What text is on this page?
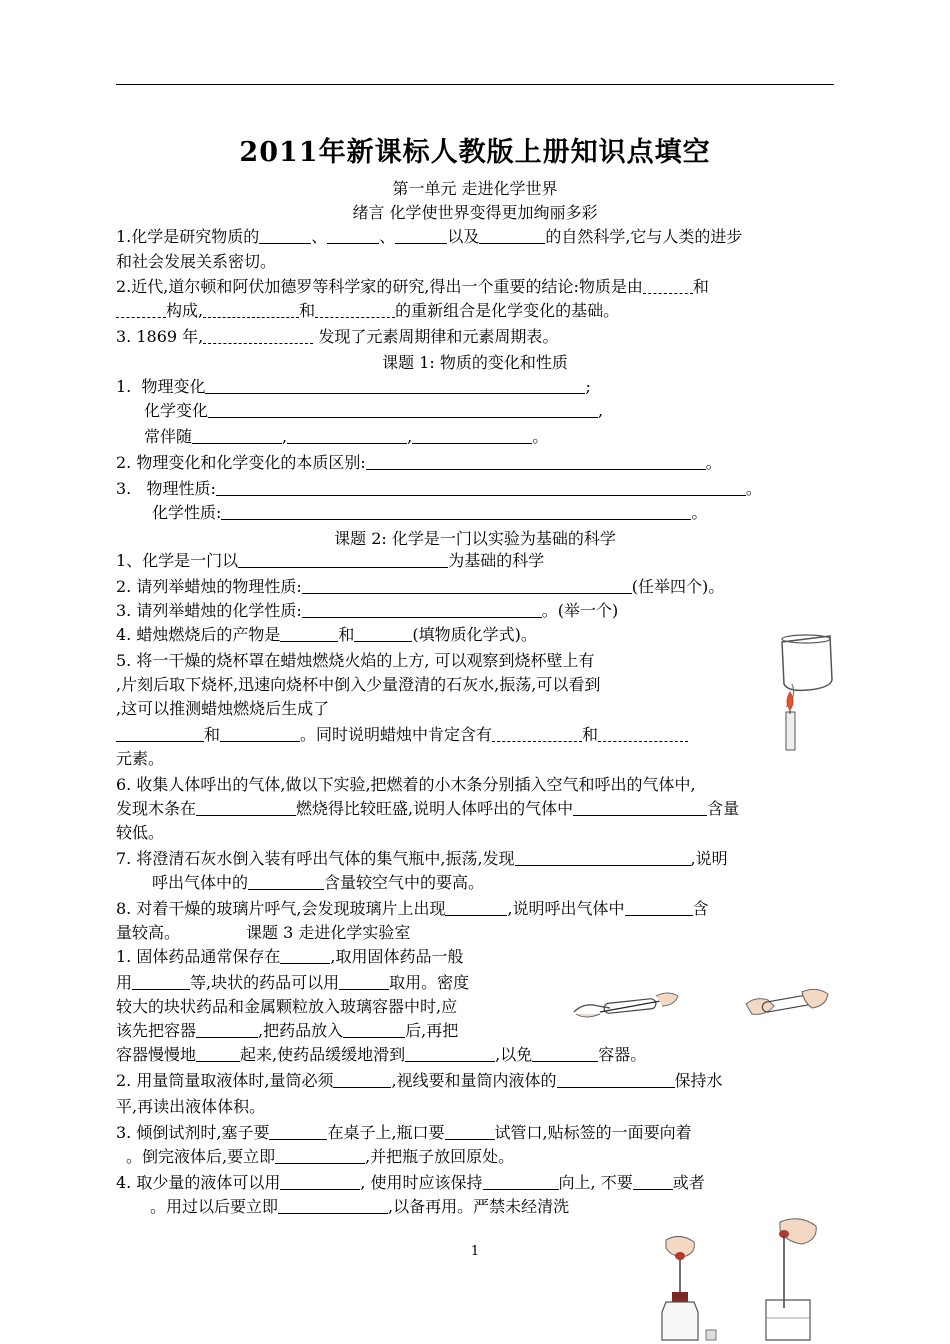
2011年新课标人教版上册知识点填空
第一单元 走进化学世界
绪言 化学使世界变得更加绚丽多彩
1.化学是研究物质的	、	、	以及	的自然科学,它与人类的进步
和社会发展关系密切。
2.近代,道尔顿和阿伏加德罗等科学家的研究,得出一个重要的结论:物质是由	和
构成,	和	的重新组合是化学变化的基础。
3. 1869 年,	发现了元素周期律和元素周期表。
课题 1: 物质的变化和性质
1.  物理变化	;
化学变化	,
常伴随	,	,	。
2. 物理变化和化学变化的本质区别:	。
3.   物理性质:	。
化学性质:	。
课题 2: 化学是一门以实验为基础的科学
1、化学是一门以	为基础的科学
2. 请列举蜡烛的物理性质:	(任举四个)。
3. 请列举蜡烛的化学性质:	。(举一个)
4. 蜡烛燃烧后的产物是	和	(填物质化学式)。
5. 将一干燥的烧杯罩在蜡烛燃烧火焰的上方, 可以观察到烧杯壁上有
,片刻后取下烧杯,迅速向烧杯中倒入少量澄清的石灰水,振荡,可以看到
,这可以推测蜡烛燃烧后生成了
和	。同时说明蜡烛中肯定含有	和
元素。
6. 收集人体呼出的气体,做以下实验,把燃着的小木条分别插入空气和呼出的气体中,
发现木条在	燃烧得比较旺盛,说明人体呼出的气体中	含量
较低。
7. 将澄清石灰水倒入装有呼出气体的集气瓶中,振荡,发现	,说明
呼出气体中的	含量较空气中的要高。
8. 对着干燥的玻璃片呼气,会发现玻璃片上出现	,说明呼出气体中	含
量较高。	课题 3 走进化学实验室
1. 固体药品通常保存在	,取用固体药品一般
用	等,块状的药品可以用	取用。密度
较大的块状药品和金属颗粒放入玻璃容器中时,应
该先把容器	,把药品放入	后,再把
容器慢慢地	起来,使药品缓缓地滑到	,以免	容器。
2. 用量筒量取液体时,量筒必须	,视线要和量筒内液体的	保持水
平,再读出液体体积。
3. 倾倒试剂时,塞子要	在桌子上,瓶口要	试管口,贴标签的一面要向着
。倒完液体后,要立即	,并把瓶子放回原处。
4. 取少量的液体可以用	, 使用时应该保持	向上, 不要	或者
。用过以后要立即	,以备再用。严禁未经清洗
1
